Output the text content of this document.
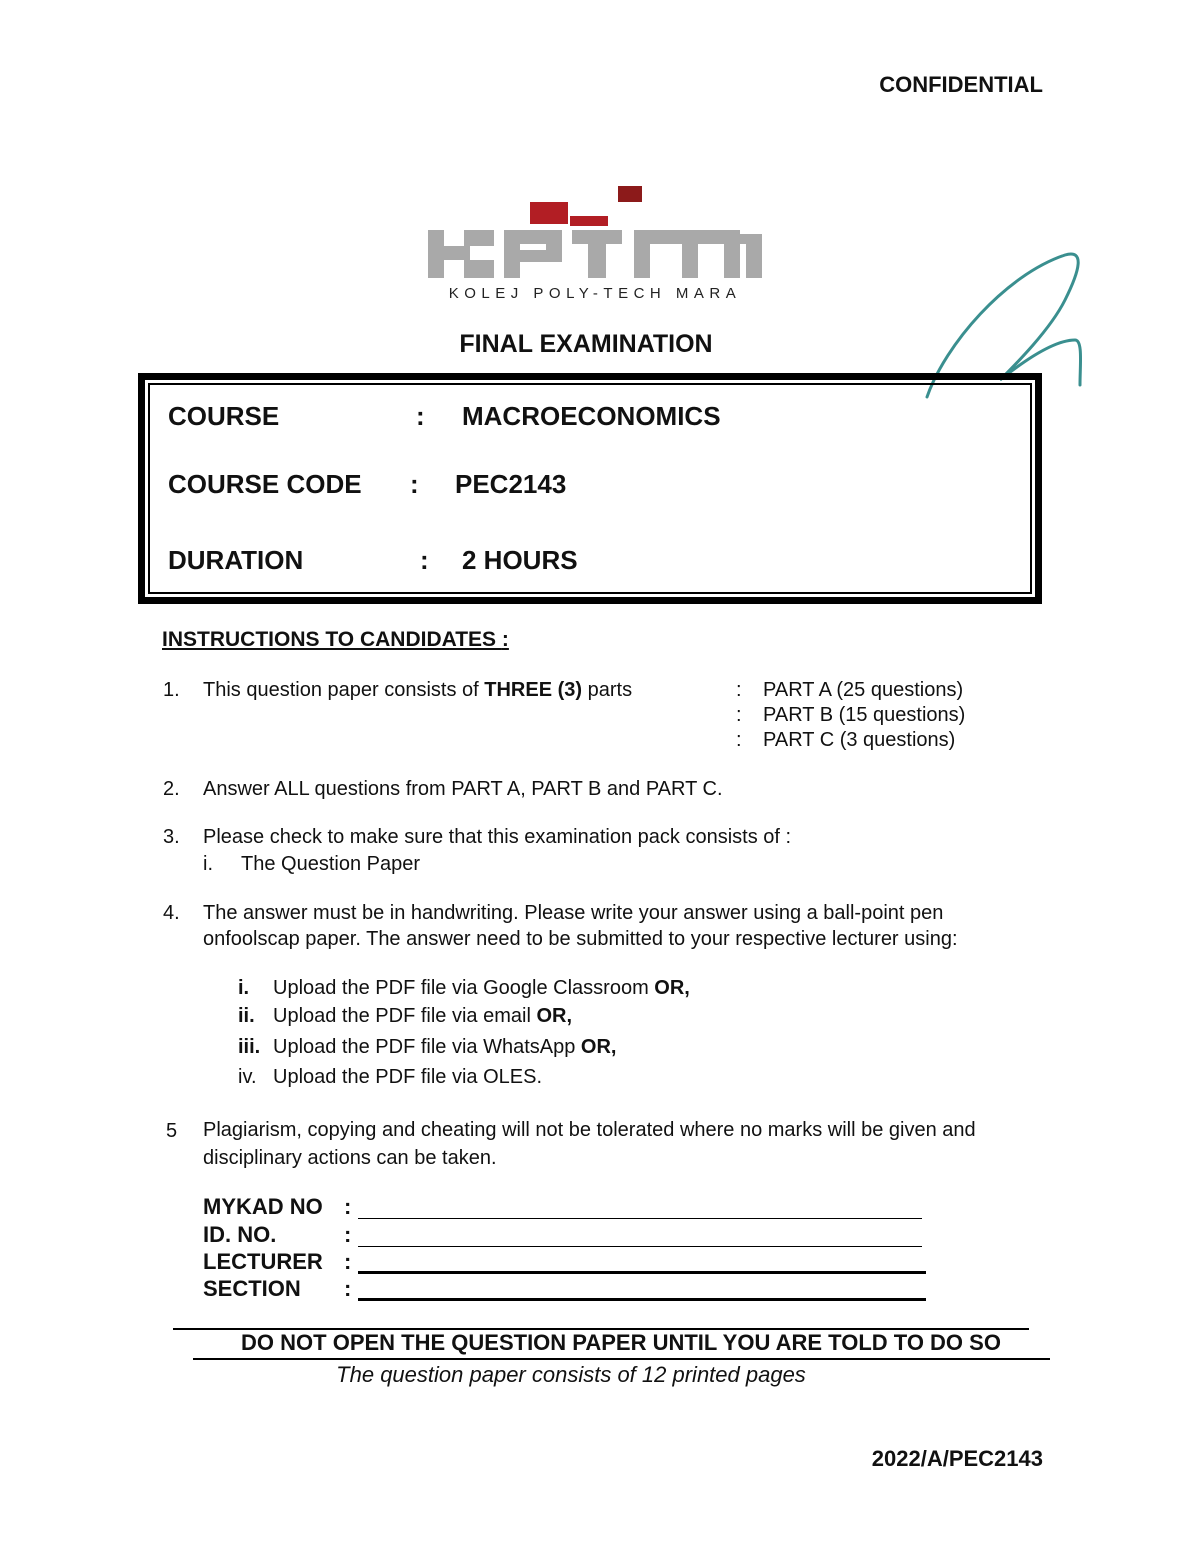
CONFIDENTIAL
KOLEJ POLY-TECH MARA
FINAL EXAMINATION
COURSE	: MACROECONOMICS
COURSE CODE : PEC2143
DURATION	: 2 HOURS
INSTRUCTIONS TO CANDIDATES :
1. This question paper consists of THREE (3) parts	: PART A (25 questions)
: PART B (15 questions)
: PART C (3 questions)
2. Answer ALL questions from PART A, PART B and PART C.
3. Please check to make sure that this examination pack consists of :
i. The Question Paper
4. The answer must be in handwriting. Please write your answer using a ball-point pen
onfoolscap paper. The answer need to be submitted to your respective lecturer using:
i. Upload the PDF file via Google Classroom OR,
ii. Upload the PDF file via email OR,
iii. Upload the PDF file via WhatsApp OR,
iv. Upload the PDF file via OLES.
5 Plagiarism, copying and cheating will not be tolerated where no marks will be given and
disciplinary actions can be taken.
MYKAD NO :
ID. NO.	:
LECTURER :
SECTION :
DO NOT OPEN THE QUESTION PAPER UNTIL YOU ARE TOLD TO DO SO
The question paper consists of 12 printed pages
2022/A/PEC2143
